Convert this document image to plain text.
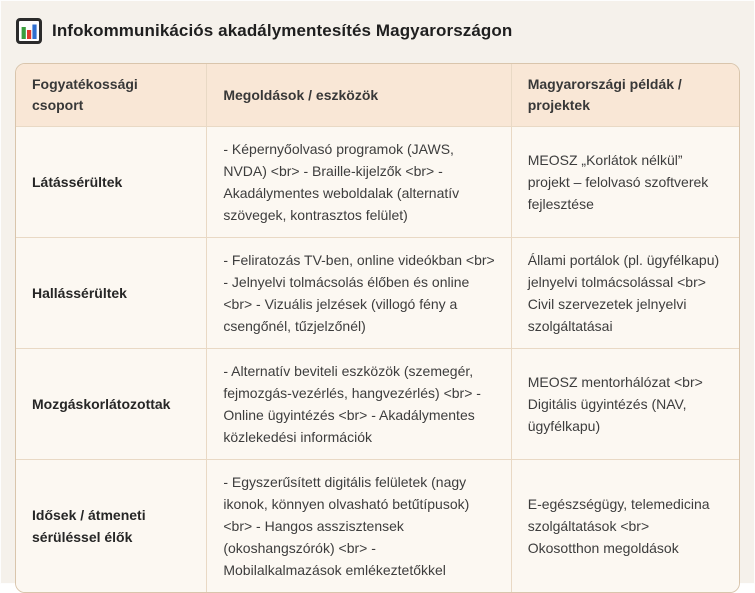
Infokommunikációs akadálymentesítés Magyarországon
Fogyatékossági csoport	Megoldások / eszközök	Magyarországi példák / projektek
Látássérültek	- Képernyőolvasó programok (JAWS, NVDA) <br> - Braille-kijelzők <br> - Akadálymentes weboldalak (alternatív szövegek, kontrasztos felület)	MEOSZ „Korlátok nélkül” projekt – felolvasó szoftverek fejlesztése
Hallássérültek	- Feliratozás TV-ben, online videókban <br> - Jelnyelvi tolmácsolás élőben és online <br> - Vizuális jelzések (villogó fény a csengőnél, tűzjelzőnél)	Állami portálok (pl. ügyfélkapu) jelnyelvi tolmácsolással <br> Civil szervezetek jelnyelvi szolgáltatásai
Mozgáskorlátozottak	- Alternatív beviteli eszközök (szemegér, fejmozgás-vezérlés, hangvezérlés) <br> - Online ügyintézés <br> - Akadálymentes közlekedési információk	MEOSZ mentorhálózat <br> Digitális ügyintézés (NAV, ügyfélkapu)
Idősek / átmeneti sérüléssel élők	- Egyszerűsített digitális felületek (nagy ikonok, könnyen olvasható betűtípusok) <br> - Hangos asszisztensek (okoshangszórók) <br> - Mobilalkalmazások emlékeztetőkkel	E-egészségügy, telemedicina szolgáltatások <br> Okosotthon megoldások
